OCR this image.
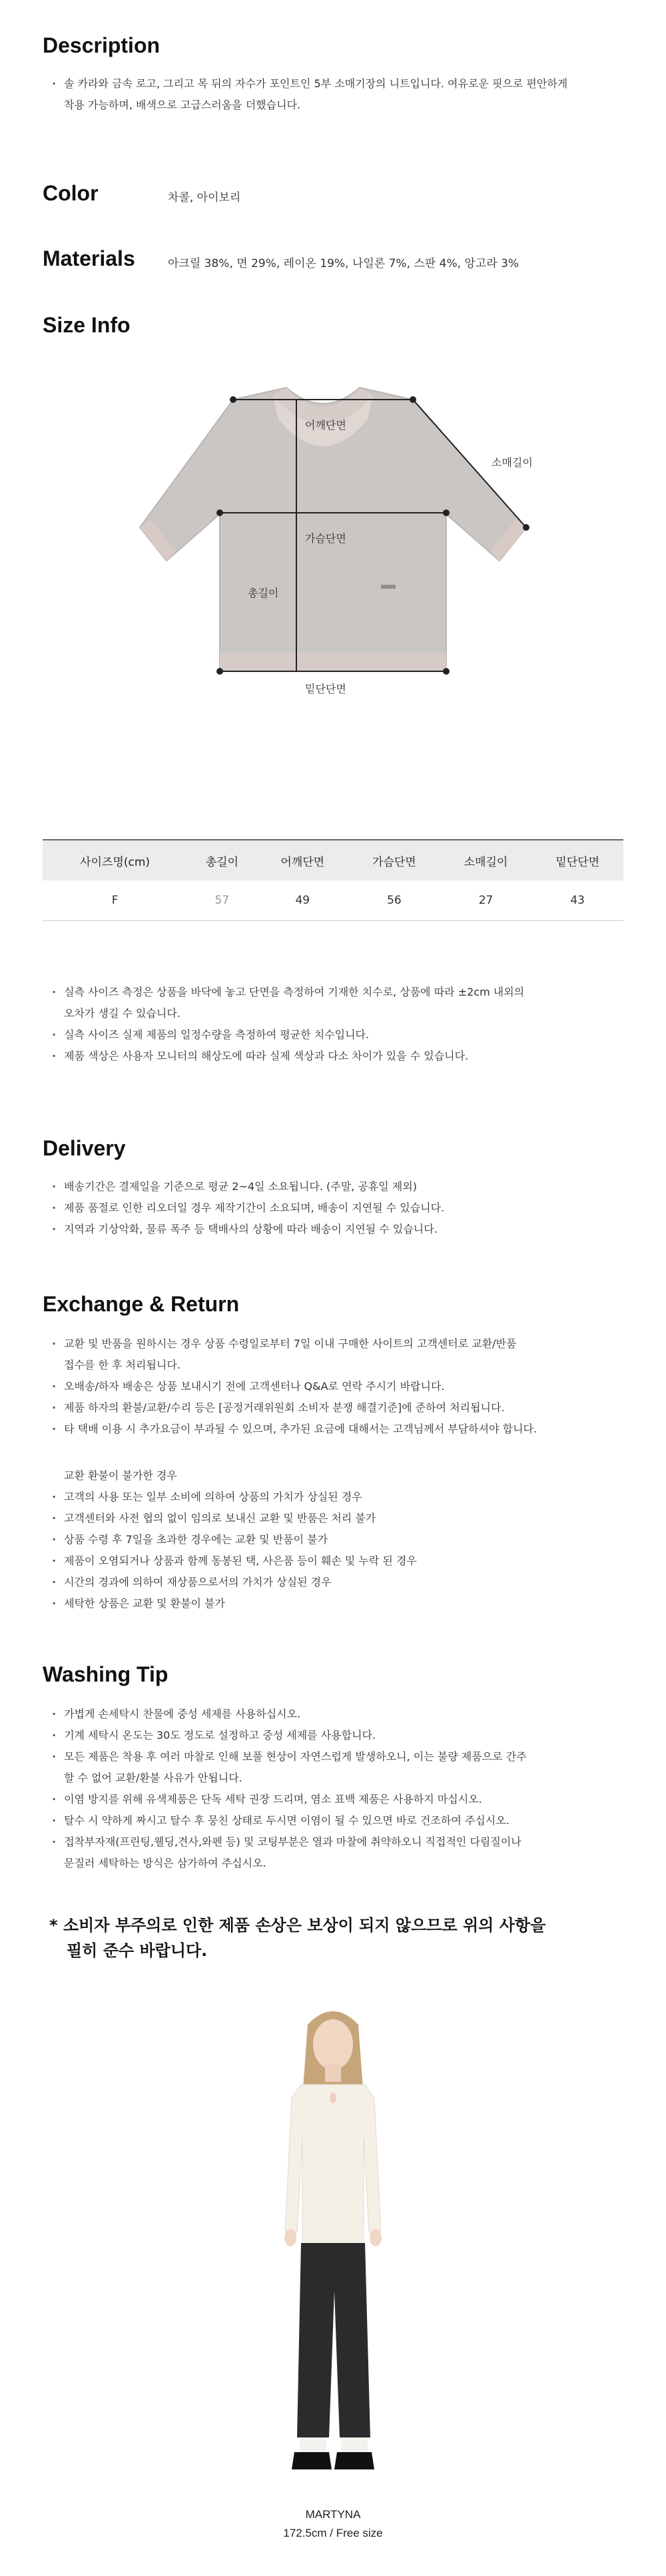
Description
· 솔 카라와 금속 로고, 그리고 목 뒤의 자수가 포인트인 5부 소매기장의 니트입니다. 여유로운 핏으로 편안하게
착용 가능하며, 배색으로 고급스러움을 더했습니다.
Color	차콜, 아이보리
Materials	아크릴 38%, 면 29%, 레이온 19%, 나일론 7%, 스판 4%, 앙고라 3%
Size Info
어깨단면
소매길이
가슴단면
총길이
밑단단면
사이즈명(cm)	총길이	어깨단면	가슴단면	소매길이	밑단단면
F	57	49	56	27	43
· 실측 사이즈 측정은 상품을 바닥에 놓고 단면을 측정하여 기재한 치수로, 상품에 따라 ±2cm 내외의
오차가 생길 수 있습니다.
· 실측 사이즈 실제 제품의 일정수량을 측정하여 평균한 치수입니다.
· 제품 색상은 사용자 모니터의 해상도에 따라 실제 색상과 다소 차이가 있을 수 있습니다.
Delivery
· 배송기간은 결제일을 기준으로 평균 2~4일 소요됩니다. (주말, 공휴일 제외)
· 제품 품절로 인한 리오더일 경우 제작기간이 소요되며, 배송이 지연될 수 있습니다.
· 지역과 기상악화, 물류 폭주 등 택배사의 상황에 따라 배송이 지연될 수 있습니다.
Exchange & Return
· 교환 및 반품을 원하시는 경우 상품 수령일로부터 7일 이내 구매한 사이트의 고객센터로 교환/반품
접수를 한 후 처리됩니다.
· 오배송/하자 배송은 상품 보내시기 전에 고객센터나 Q&A로 연락 주시기 바랍니다.
· 제품 하자의 환불/교환/수리 등은 [공정거래위원회 소비자 분쟁 해결기준]에 준하여 처리됩니다.
· 타 택배 이용 시 추가요금이 부과될 수 있으며, 추가된 요금에 대해서는 고객님께서 부담하셔야 합니다.
교환 환불이 불가한 경우
· 고객의 사용 또는 일부 소비에 의하여 상품의 가치가 상실된 경우
· 고객센터와 사전 협의 없이 임의로 보내신 교환 및 반품은 처리 불가
· 상품 수령 후 7일을 초과한 경우에는 교환 및 반품이 불가
· 제품이 오염되거나 상품과 함께 동봉된 택, 사은품 등이 훼손 및 누락 된 경우
· 시간의 경과에 의하여 재상품으로서의 가치가 상실된 경우
· 세탁한 상품은 교환 및 환불이 불가
Washing Tip
· 가볍게 손세탁시 찬물에 중성 세제를 사용하십시오.
· 기계 세탁시 온도는 30도 정도로 설정하고 중성 세제를 사용합니다.
· 모든 제품은 착용 후 여러 마찰로 인해 보풀 현상이 자연스럽게 발생하오니, 이는 불량 제품으로 간주
할 수 없어 교환/환불 사유가 안됩니다.
· 이염 방지를 위해 유색제품은 단독 세탁 권장 드리며, 염소 표백 제품은 사용하지 마십시오.
· 탈수 시 약하게 짜시고 탈수 후 뭉친 상태로 두시면 이염이 될 수 있으면 바로 건조하여 주십시오.
· 접착부자재(프린팅,웰딩,견사,와펜 등) 및 코팅부분은 열과 마찰에 취약하오니 직접적인 다림질이나
문질러 세탁하는 방식은 삼가하여 주십시오.
* 소비자 부주의로 인한 제품 손상은 보상이 되지 않으므로 위의 사항을
필히 준수 바랍니다.
MARTYNA
172.5cm / Free size
